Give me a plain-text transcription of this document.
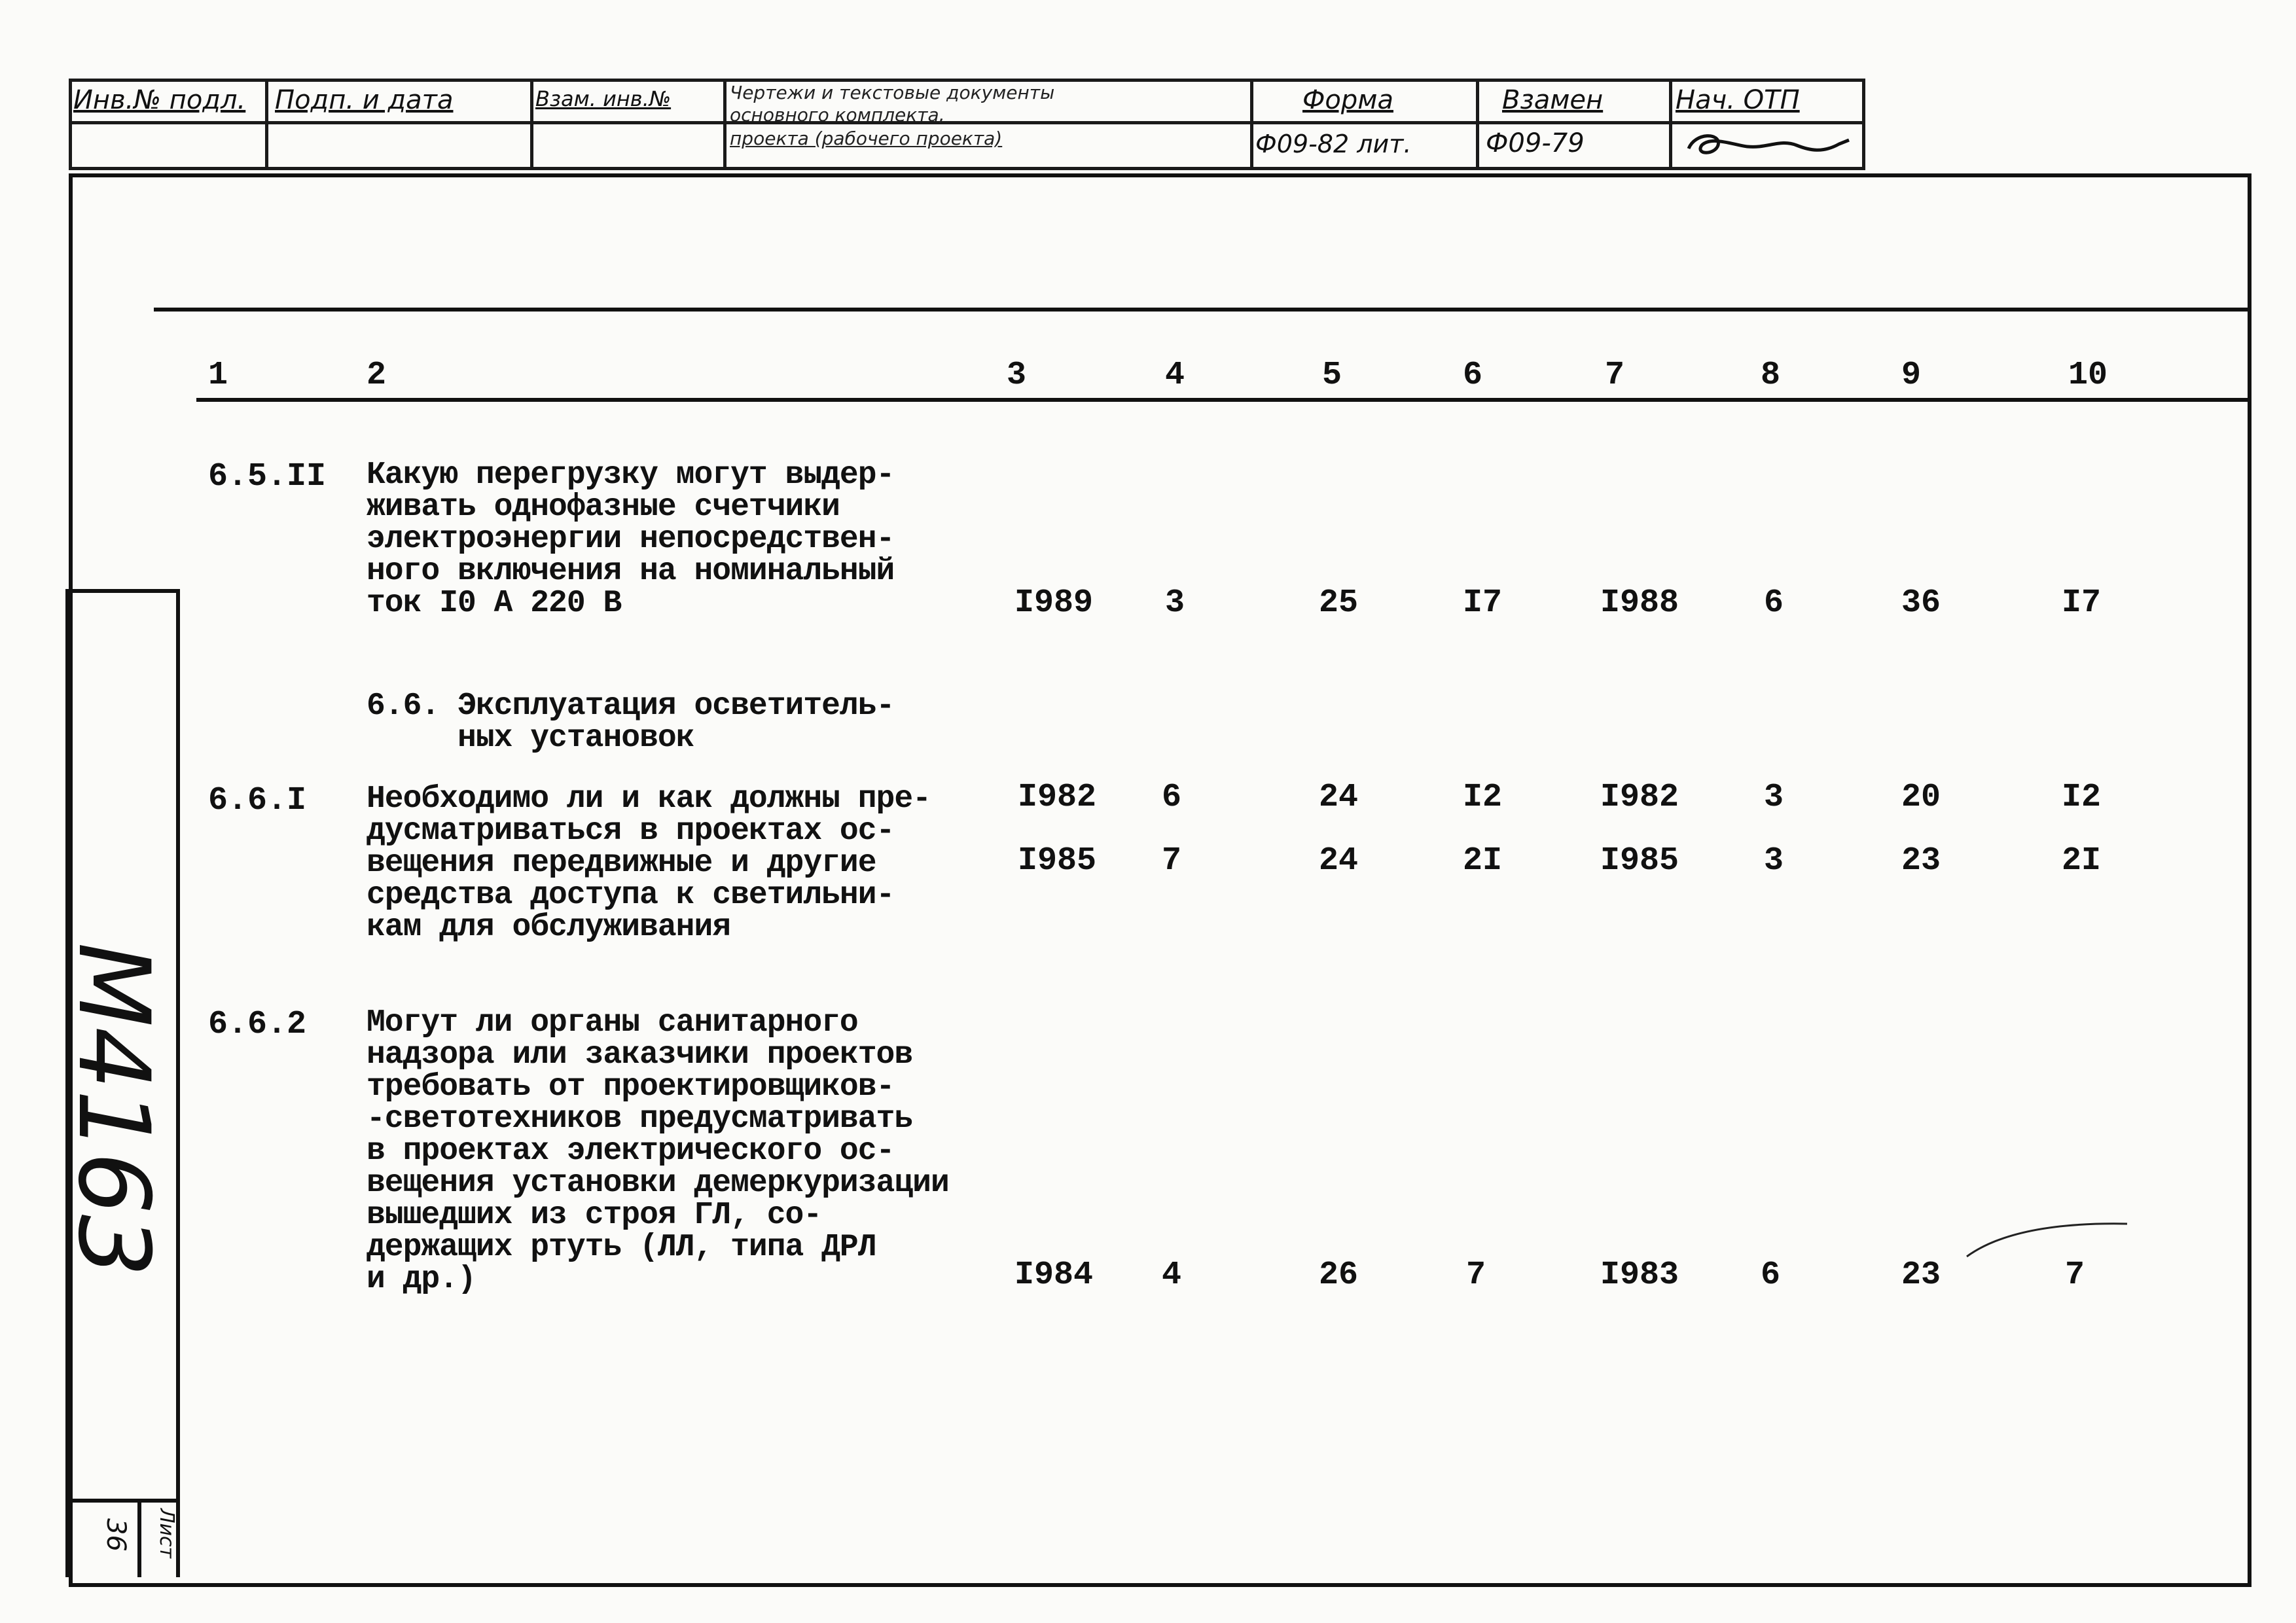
Инв.№ подл. Подп. и дата	Взам. инв.№	Чертежи и текстовые документы
основного комплекта,
проекта (рабочего проекта)
Форма
Ф09-82 лит.
Взамен
Ф09-79
Нач. ОТП
М4163
Лист
36
1	2	3	4	5	6	7	8	9	10
6.5.II Какую перегрузку могут выдер-
живать однофазные счетчики
электроэнергии непосредствен-
ного включения на номинальный
ток I0 А 220 В	I989	3	25	I7	I988	6	36	I7
6.6. Эксплуатация осветитель-
ных установок
6.6.I Необходимо ли и как должны пре-
дусматриваться в проектах ос-
вещения передвижные и другие
средства доступа к светильни-
кам для обслуживания
I982	6	24	I2	I982	3	20	I2
I985	7	24	2I	I985	3	23	2I
6.6.2 Могут ли органы санитарного
надзора или заказчики проектов
требовать от проектировщиков-
-светотехников предусматривать
в проектах электрического ос-
вещения установки демеркуризации
вышедших из строя ГЛ, со-
держащих ртуть (ЛЛ, типа ДРЛ
и др.)	I984	4	26	7	I983	6	23	7
